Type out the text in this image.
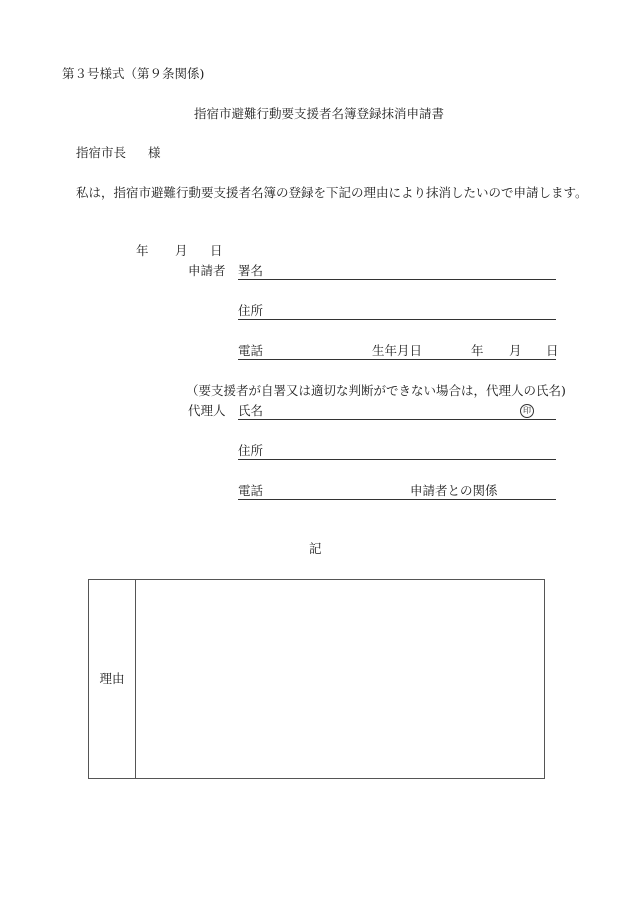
第３号様式（第９条関係)
指宿市避難行動要支援者名簿登録抹消申請書
指宿市長 様
私は，指宿市避難行動要支援者名簿の登録を下記の理由により抹消したいので申請します。
年 月 日
申請者 署名
住所
電話	生年月日	年 月 日
（要支援者が自署又は適切な判断ができない場合は，代理人の氏名)
代理人 氏名	印
住所
電話	申請者との関係
記
理由
